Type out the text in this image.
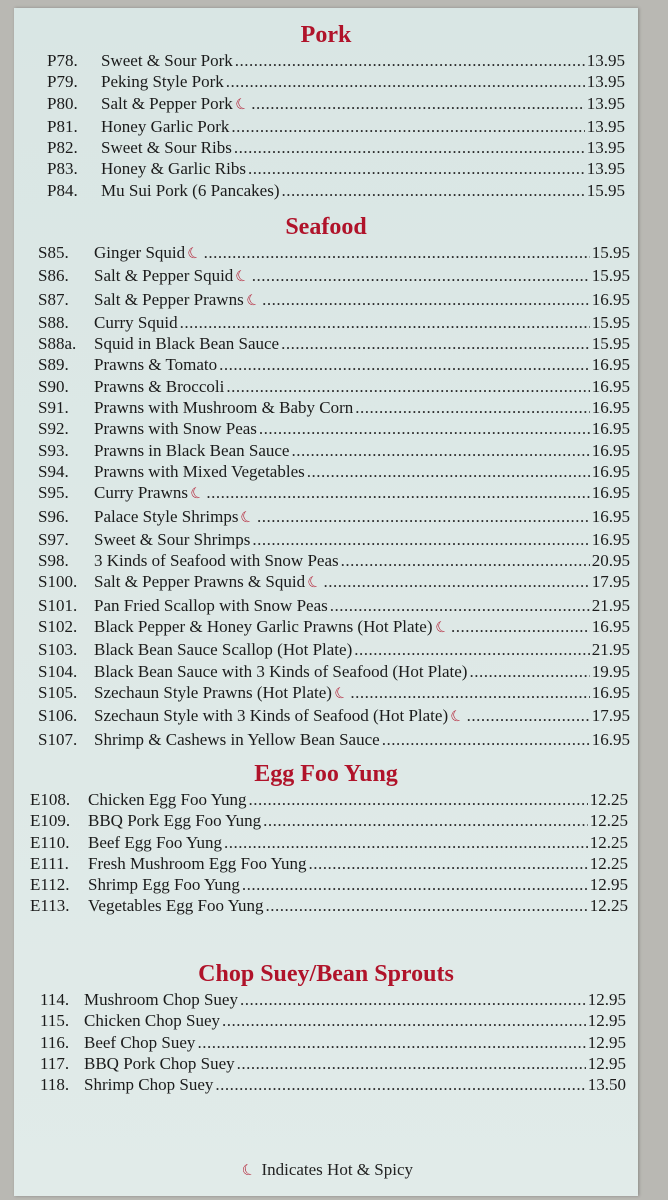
Pork
P78.	Sweet & Sour Pork .....	13.95
P79.	Peking Style Pork .....	13.95
P80.	Salt & Pepper Pork ☾ .....	13.95
P81.	Honey Garlic Pork .....	13.95
P82.	Sweet & Sour Ribs .....	13.95
P83.	Honey & Garlic Ribs .....	13.95
P84.	Mu Sui Pork (6 Pancakes) .....	15.95
Seafood
S85.	Ginger Squid ☾ .....	15.95
S86.	Salt & Pepper Squid ☾ .....	15.95
S87.	Salt & Pepper Prawns ☾ .....	16.95
S88.	Curry Squid .....	15.95
S88a.	Squid in Black Bean Sauce .....	15.95
S89.	Prawns & Tomato .....	16.95
S90.	Prawns & Broccoli .....	16.95
S91.	Prawns with Mushroom & Baby Corn .....	16.95
S92.	Prawns with Snow Peas .....	16.95
S93.	Prawns in Black Bean Sauce .....	16.95
S94.	Prawns with Mixed Vegetables .....	16.95
S95.	Curry Prawns ☾ .....	16.95
S96.	Palace Style Shrimps ☾ .....	16.95
S97.	Sweet & Sour Shrimps .....	16.95
S98.	3 Kinds of Seafood with Snow Peas .....	20.95
S100. Salt & Pepper Prawns & Squid ☾ .....	17.95
S101. Pan Fried Scallop with Snow Peas .....	21.95
S102. Black Pepper & Honey Garlic Prawns (Hot Plate) ☾ .....	16.95
S103. Black Bean Sauce Scallop (Hot Plate) .....	21.95
S104. Black Bean Sauce with 3 Kinds of Seafood (Hot Plate) .....	19.95
S105. Szechaun Style Prawns (Hot Plate) ☾ .....	16.95
S106. Szechaun Style with 3 Kinds of Seafood (Hot Plate) ☾ .....	17.95
S107. Shrimp & Cashews in Yellow Bean Sauce .....	16.95
Egg Foo Yung
E108.	Chicken Egg Foo Yung .....	12.25
E109.	BBQ Pork Egg Foo Yung .....	12.25
E110.	Beef Egg Foo Yung .....	12.25
E111.	Fresh Mushroom Egg Foo Yung .....	12.25
E112.	Shrimp Egg Foo Yung .....	12.95
E113.	Vegetables Egg Foo Yung .....	12.25
Chop Suey/Bean Sprouts
114. Mushroom Chop Suey .....	12.95
115. Chicken Chop Suey .....	12.95
116. Beef Chop Suey .....	12.95
117. BBQ Pork Chop Suey .....	12.95
118. Shrimp Chop Suey .....	13.50
☾ Indicates Hot & Spicy
